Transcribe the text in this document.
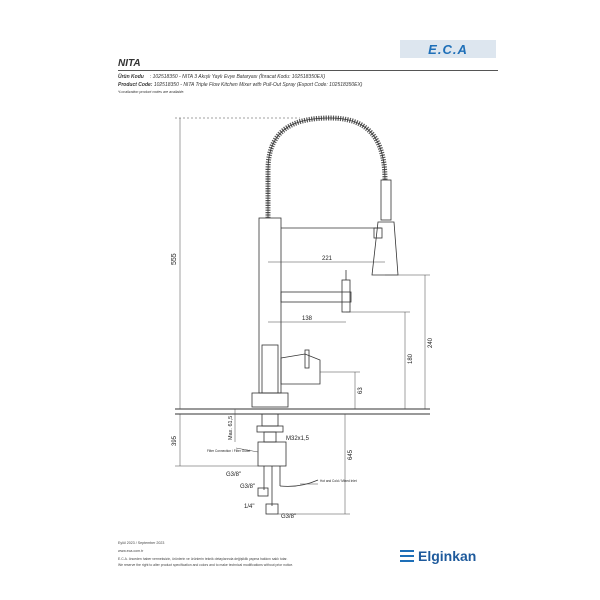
E.C.A
NITA
Ürün Kodu : 102518350 - NITA 3 Akışlı Yaylı Evye Bataryası (İhracat Kodu: 102518350EX)
Product Code: 102518350 - NITA Triple Flow Kitchen Mixer with Pull-Out Spray (Export Code: 102518350EX)
*Localization product codes are available.
555	221
138
240
180
63
Max. 61,5	M32x1,5
395
645
G3/8"
G3/8"
1/4"
G3/8"
Filter Connection / Filter Outlet
Hot and Cold / Mixed Inlet
Eylül 2023 / September 2023
www.eca.com.tr
E.C.A. önceden haber vermeksizin, ürünlerin ve ürünlerin teknik detaylarında değişiklik yapma hakkını saklı tutar.
We reserve the right to alter product specification and colors and to make technical modifications without prior notice.
Elginkan
